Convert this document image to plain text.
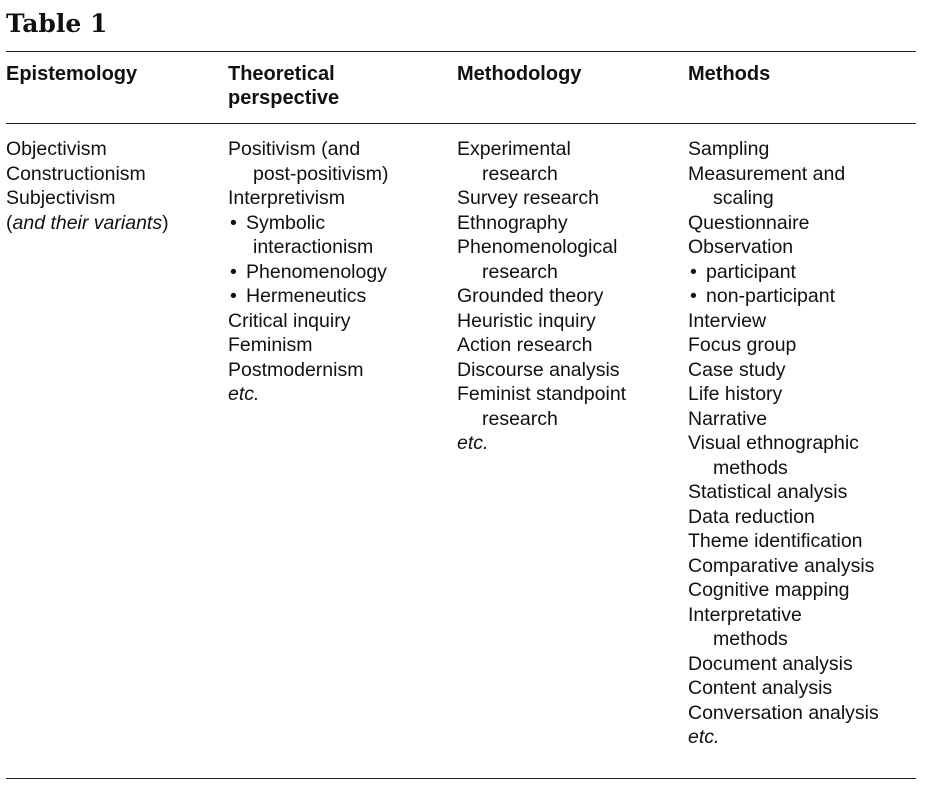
Table 1
Epistemology	Theoretical
perspective
Methodology	Methods
Objectivism
Constructionism
Subjectivism
(and their variants)
Positivism (and
post-positivism)
Interpretivism
• Symbolic
interactionism
• Phenomenology
• Hermeneutics
Critical inquiry
Feminism
Postmodernism
etc.
Experimental
research
Survey research
Ethnography
Phenomenological
research
Grounded theory
Heuristic inquiry
Action research
Discourse analysis
Feminist standpoint
research
etc.
Sampling
Measurement and
scaling
Questionnaire
Observation
• participant
• non-participant
Interview
Focus group
Case study
Life history
Narrative
Visual ethnographic
methods
Statistical analysis
Data reduction
Theme identification
Comparative analysis
Cognitive mapping
Interpretative
methods
Document analysis
Content analysis
Conversation analysis
etc.
